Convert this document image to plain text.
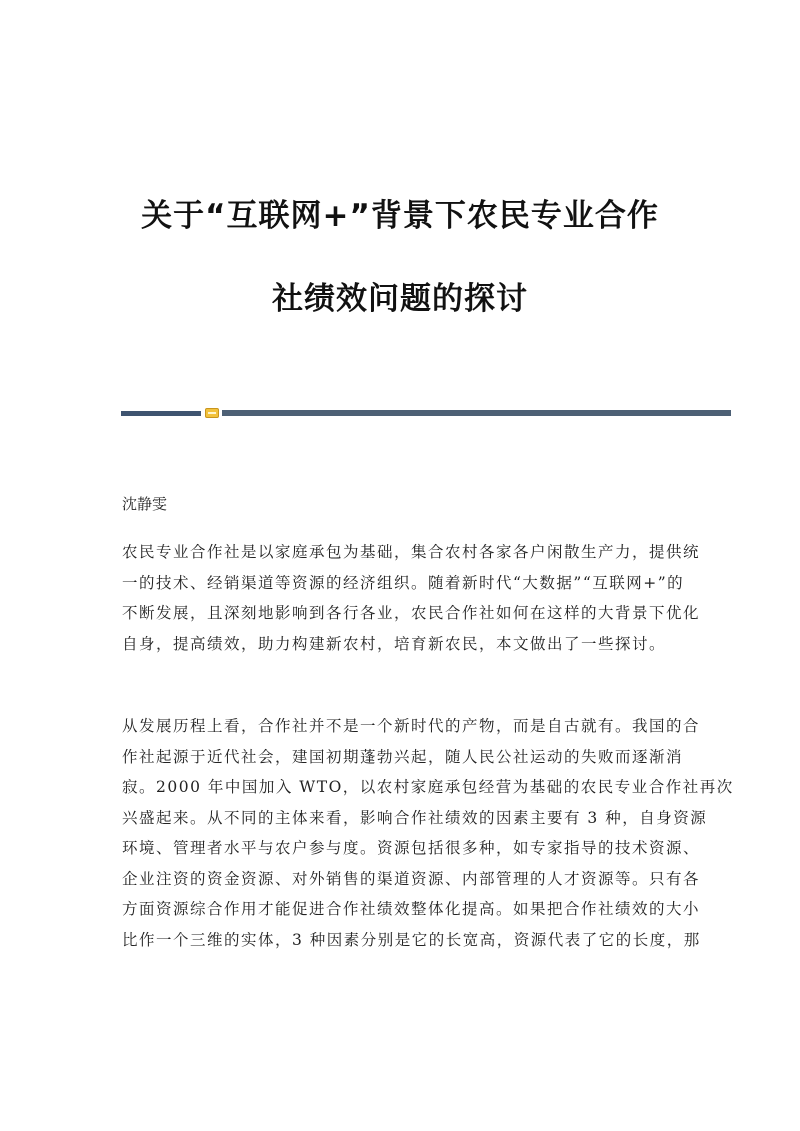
关于“互联网+”背景下农民专业合作
社绩效问题的探讨

沈静雯

农民专业合作社是以家庭承包为基础，集合农村各家各户闲散生产力，提供统
一的技术、经销渠道等资源的经济组织。随着新时代“大数据”“互联网+”的
不断发展，且深刻地影响到各行各业，农民合作社如何在这样的大背景下优化
自身，提高绩效，助力构建新农村，培育新农民，本文做出了一些探讨。

从发展历程上看，合作社并不是一个新时代的产物，而是自古就有。我国的合
作社起源于近代社会，建国初期蓬勃兴起，随人民公社运动的失败而逐渐消
寂。2000 年中国加入 WTO，以农村家庭承包经营为基础的农民专业合作社再次
兴盛起来。从不同的主体来看，影响合作社绩效的因素主要有 3 种，自身资源
环境、管理者水平与农户参与度。资源包括很多种，如专家指导的技术资源、
企业注资的资金资源、对外销售的渠道资源、内部管理的人才资源等。只有各
方面资源综合作用才能促进合作社绩效整体化提高。如果把合作社绩效的大小
比作一个三维的实体，3 种因素分别是它的长宽高，资源代表了它的长度，那
